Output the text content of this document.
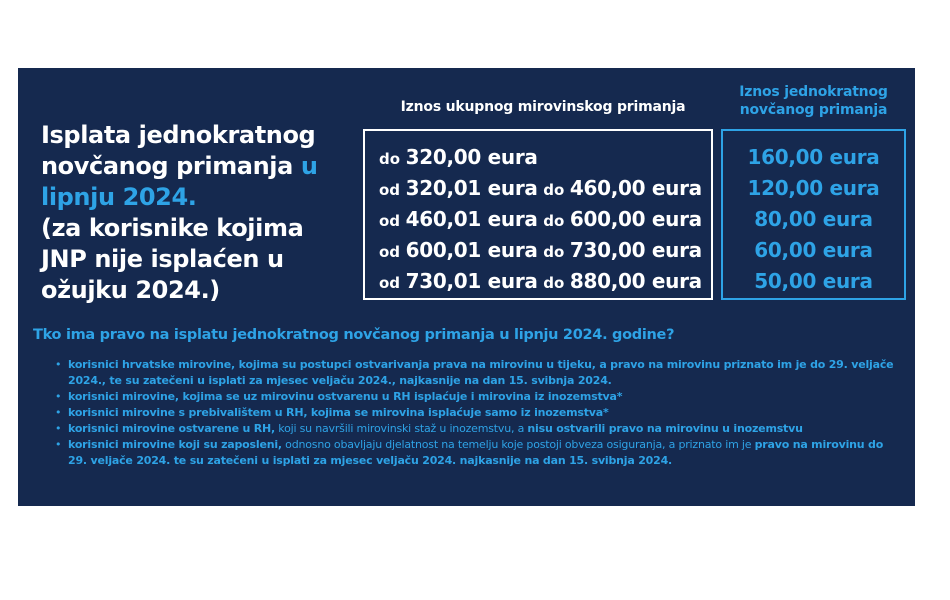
Isplata jednokratnog
novčanog primanja u
lipnju 2024.
(za korisnike kojima JNP nije isplaćen u ožujku 2024.)
Iznos ukupnog mirovinskog primanja
Iznos jednokratnog novčanog primanja
do 320,00 eura
od 320,01 eura do 460,00 eura
od 460,01 eura do 600,00 eura
od 600,01 eura do 730,00 eura
od 730,01 eura do 880,00 eura
160,00 eura
120,00 eura
80,00 eura
60,00 eura
50,00 eura
Tko ima pravo na isplatu jednokratnog novčanog primanja u lipnju 2024. godine?
• korisnici hrvatske mirovine, kojima su postupci ostvarivanja prava na mirovinu u tijeku, a pravo na mirovinu priznato im je do 29. veljače 2024., te su zatečeni u isplati za mjesec veljaču 2024., najkasnije na dan 15. svibnja 2024.
• korisnici mirovine, kojima se uz mirovinu ostvarenu u RH isplaćuje i mirovina iz inozemstva*
• korisnici mirovine s prebivalištem u RH, kojima se mirovina isplaćuje samo iz inozemstva*
• korisnici mirovine ostvarene u RH, koji su navršili mirovinski staž u inozemstvu, a nisu ostvarili pravo na mirovinu u inozemstvu
• korisnici mirovine koji su zaposleni, odnosno obavljaju djelatnost na temelju koje postoji obveza osiguranja, a priznato im je pravo na mirovinu do 29. veljače 2024. te su zatečeni u isplati za mjesec veljaču 2024. najkasnije na dan 15. svibnja 2024.
